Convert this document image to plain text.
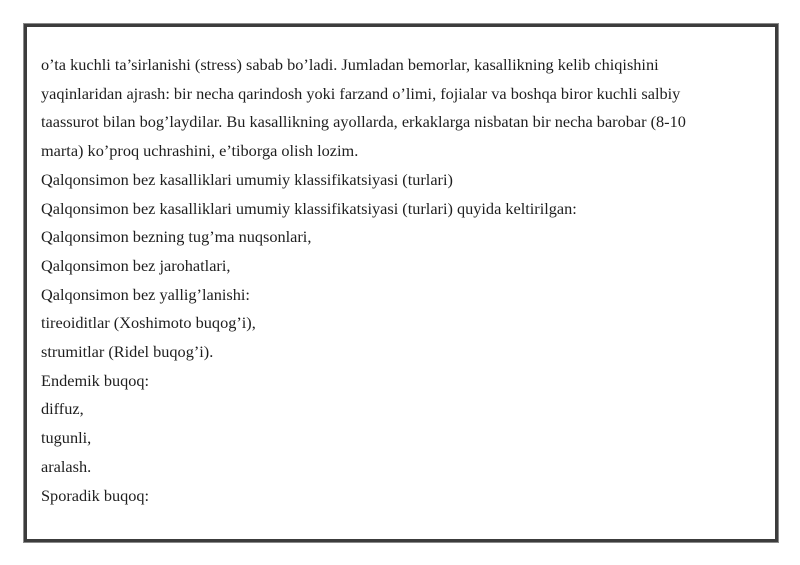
o’ta kuchli ta’sirlanishi (stress) sabab bo’ladi. Jumladan bemorlar, kasallikning kelib chiqishini
yaqinlaridan ajrash: bir necha qarindosh yoki farzand o’limi, fojialar va boshqa biror kuchli salbiy
taassurot bilan bog’laydilar. Bu kasallikning ayollarda, erkaklarga nisbatan bir necha barobar (8-10
marta) ko’proq uchrashini, e’tiborga olish lozim.
Qalqonsimon bez kasalliklari umumiy klassifikatsiyasi (turlari)
Qalqonsimon bez kasalliklari umumiy klassifikatsiyasi (turlari) quyida keltirilgan:
Qalqonsimon bezning tug’ma nuqsonlari,
Qalqonsimon bez jarohatlari,
Qalqonsimon bez yallig’lanishi:
tireoiditlar (Xoshimoto buqog’i),
strumitlar (Ridel buqog’i).
Endemik buqoq:
diffuz,
tugunli,
aralash.
Sporadik buqoq:
